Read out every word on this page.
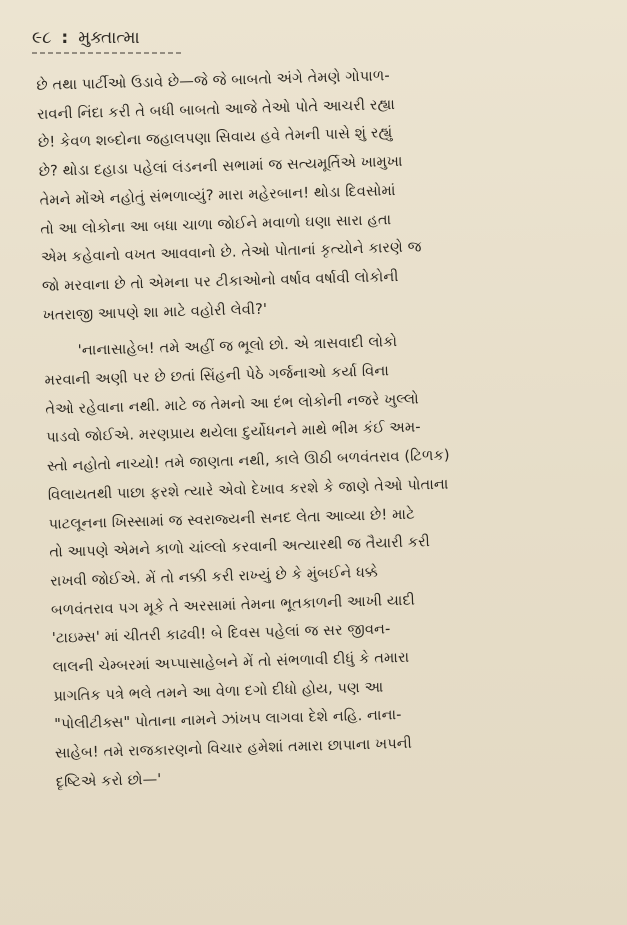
૯૮ : મુક્તાત્મા
છે તથા પાર્ટીઓ ઉડાવે છે—જે જે બાબતો અંગે તેમણે ગોપાળ-
રાવની નિંદા કરી તે બધી બાબતો આજે તેઓ પોતે આચરી રહ્યા
છે! કેવળ શબ્દોના જહાલપણા સિવાય હવે તેમની પાસે શું રહ્યું
છે? થોડા દહાડા પહેલાં લંડનની સભામાં જ સત્યમૂર્તિએ ખામુખા
તેમને મોંએ નહોતું સંભળાવ્યું? મારા મહેરબાન! થોડા દિવસોમાં
તો આ લોકોના આ બધા ચાળા જોઈને મવાળો ઘણા સારા હતા
એમ કહેવાનો વખત આવવાનો છે. તેઓ પોતાનાં કૃત્યોને કારણે જ
જો મરવાના છે તો એમના પર ટીકાઓનો વર્ષાવ વર્ષાવી લોકોની
ખતરાજી આપણે શા માટે વહોરી લેવી?'
'નાનાસાહેબ! તમે અહીં જ ભૂલો છો. એ ત્રાસવાદી લોકો
મરવાની અણી પર છે છતાં સિંહની પેઠે ગર્જનાઓ કર્યા વિના
તેઓ રહેવાના નથી. માટે જ તેમનો આ દંભ લોકોની નજરે ખુલ્લો
પાડવો જોઈએ. મરણપ્રાય થયેલા દુર્યોધનને માથે ભીમ કંઈ અમ-
સ્તો નહોતો નાચ્યો! તમે જાણતા નથી, કાલે ઊઠી બળવંતરાવ (ટિળક)
વિલાયતથી પાછા ફરશે ત્યારે એવો દેખાવ કરશે કે જાણે તેઓ પોતાના
પાટલૂનના ખિસ્સામાં જ સ્વરાજ્યની સનદ લેતા આવ્યા છે! માટે
તો આપણે એમને કાળો ચાંલ્લો કરવાની અત્યારથી જ તૈયારી કરી
રાખવી જોઈએ. મેં તો નક્કી કરી રાખ્યું છે કે મુંબઈને ધક્કે
બળવંતરાવ પગ મૂકે તે અરસામાં તેમના ભૂતકાળની આખી યાદી
'ટાઇમ્સ' માં ચીતરી કાઢવી! બે દિવસ પહેલાં જ સર જીવન-
લાલની ચેમ્બરમાં અપ્પાસાહેબને મેં તો સંભળાવી દીધું કે તમારા
પ્રાગતિક પત્રે ભલે તમને આ વેળા દગો દીધો હોય, પણ આ
"પોલીટીક્સ" પોતાના નામને ઝાંખપ લાગવા દેશે નહિ. નાના-
સાહેબ! તમે રાજકારણનો વિચાર હમેશાં તમારા છાપાના ખપની
દૃષ્ટિએ કરો છો—'
